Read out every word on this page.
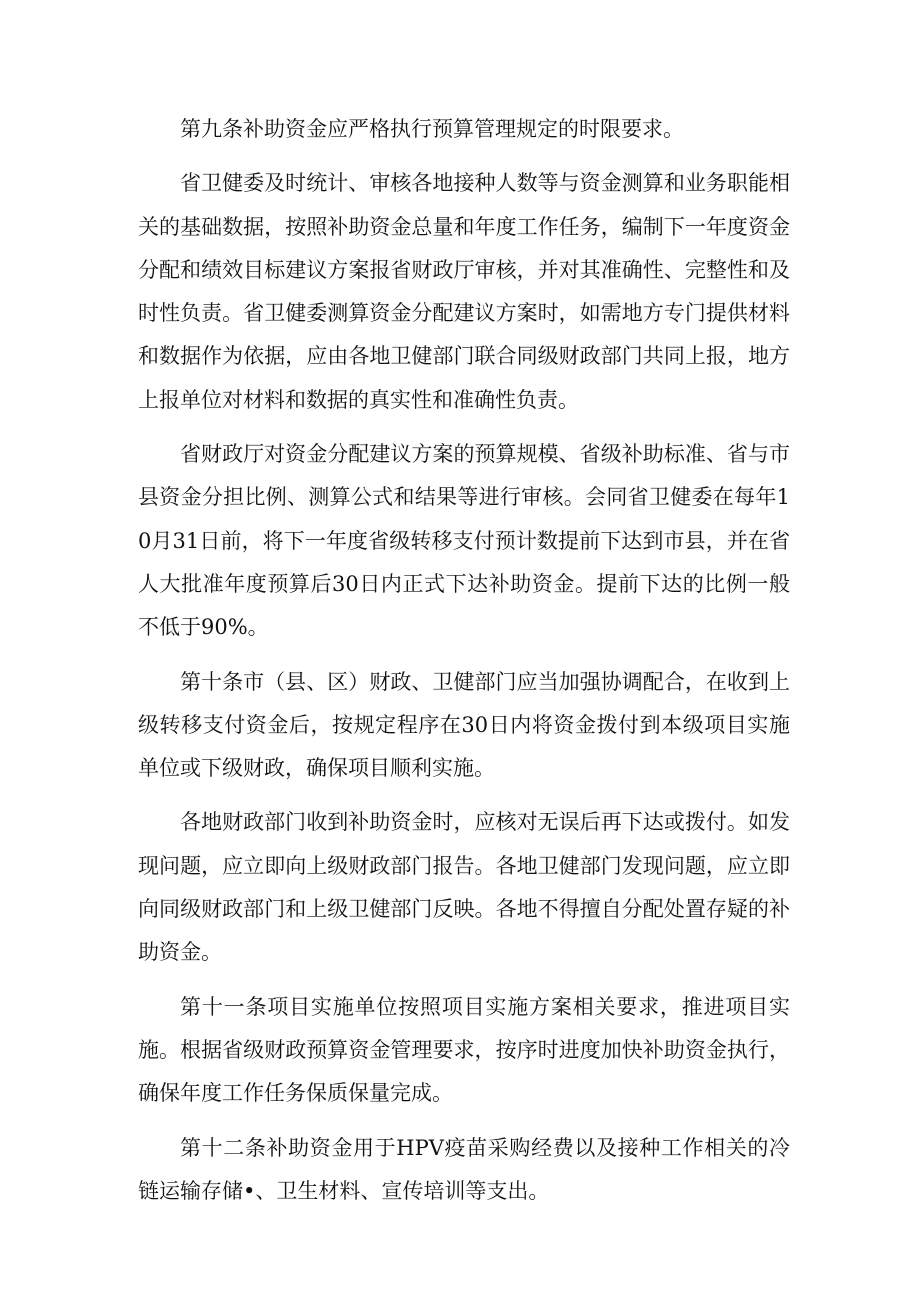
第九条补助资金应严格执行预算管理规定的时限要求。

省卫健委及时统计、审核各地接种人数等与资金测算和业务职能相关的基础数据，按照补助资金总量和年度工作任务，编制下一年度资金分配和绩效目标建议方案报省财政厅审核，并对其准确性、完整性和及时性负责。省卫健委测算资金分配建议方案时，如需地方专门提供材料和数据作为依据，应由各地卫健部门联合同级财政部门共同上报，地方上报单位对材料和数据的真实性和准确性负责。

省财政厅对资金分配建议方案的预算规模、省级补助标准、省与市县资金分担比例、测算公式和结果等进行审核。会同省卫健委在每年10月31日前，将下一年度省级转移支付预计数提前下达到市县，并在省人大批准年度预算后30日内正式下达补助资金。提前下达的比例一般不低于90%。

第十条市（县、区）财政、卫健部门应当加强协调配合，在收到上级转移支付资金后，按规定程序在30日内将资金拨付到本级项目实施单位或下级财政，确保项目顺利实施。

各地财政部门收到补助资金时，应核对无误后再下达或拨付。如发现问题，应立即向上级财政部门报告。各地卫健部门发现问题，应立即向同级财政部门和上级卫健部门反映。各地不得擅自分配处置存疑的补助资金。

第十一条项目实施单位按照项目实施方案相关要求，推进项目实施。根据省级财政预算资金管理要求，按序时进度加快补助资金执行，确保年度工作任务保质保量完成。

第十二条补助资金用于HPV疫苗采购经费以及接种工作相关的冷链运输存储•、卫生材料、宣传培训等支出。
